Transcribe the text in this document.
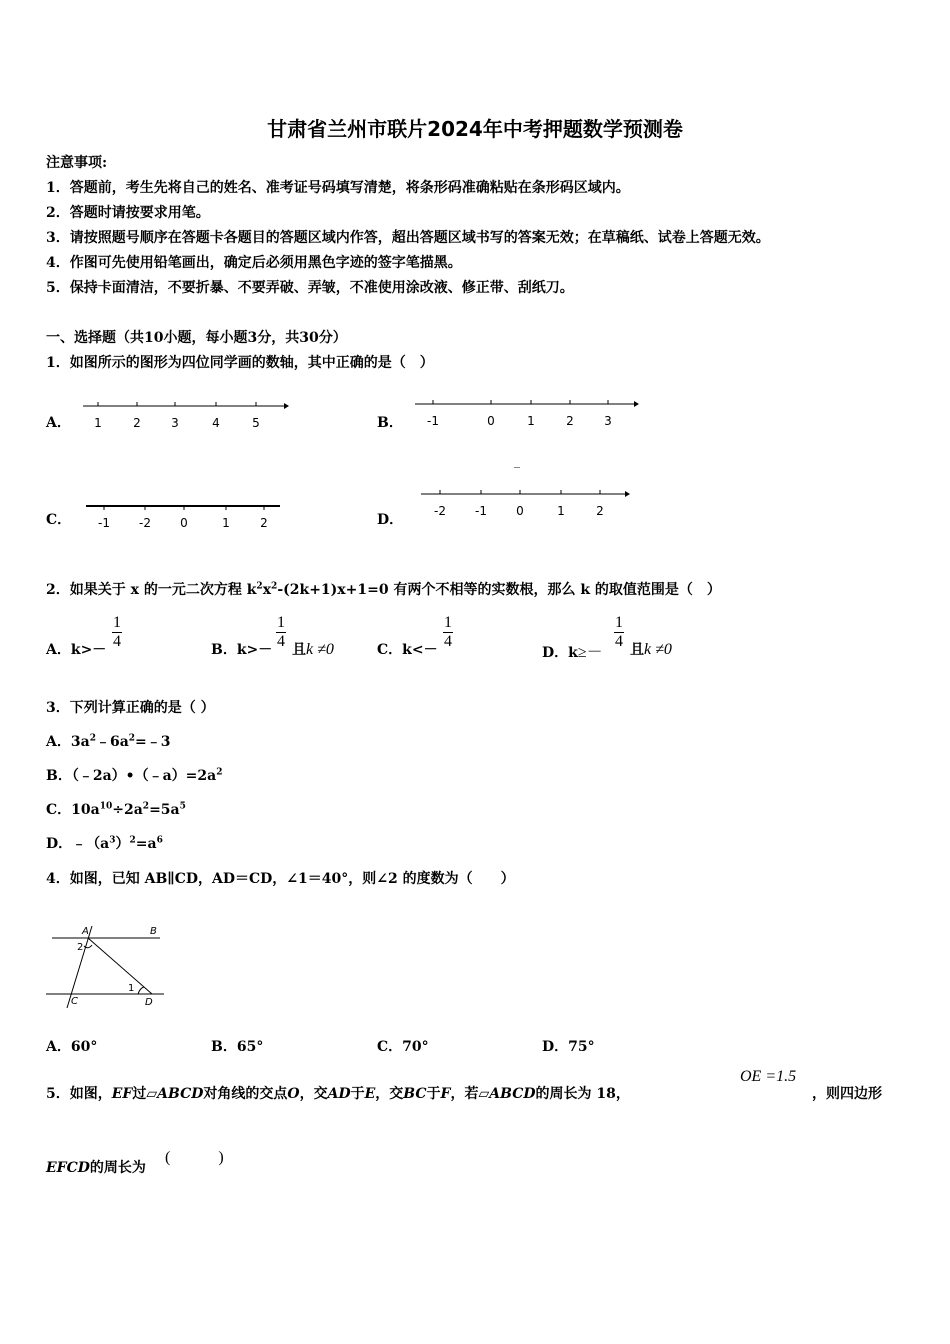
甘肃省兰州市联片2024年中考押题数学预测卷
注意事项:
1．答题前，考生先将自己的姓名、准考证号码填写清楚，将条形码准确粘贴在条形码区域内。
2．答题时请按要求用笔。
3．请按照题号顺序在答题卡各题目的答题区域内作答，超出答题区域书写的答案无效；在草稿纸、试卷上答题无效。
4．作图可先使用铅笔画出，确定后必须用黑色字迹的签字笔描黑。
5．保持卡面清洁，不要折暴、不要弄破、弄皱，不准使用涂改液、修正带、刮纸刀。
一、选择题（共10小题，每小题3分，共30分）
1．如图所示的图形为四位同学画的数轴，其中正确的是（　）
A．	B．
C．	D．
1	2	3	4	5	-1	0	1	2	3
_
-1 -2 0	1	2
-2 -1 0	1	2
2．如果关于 x 的一元二次方程 $k^2x^2-(2k+1)x+1=0$ 有两个不相等的实数根，那么 k 的取值范围是（　）
A．$k>- \frac{1}{4}$	B．$k>- \frac{1}{4}$ 且k ≠0	C．$k<- \frac{1}{4}$
D．k≥－
$\frac{1}{4}$ 且k ≠0
3．下列计算正确的是（ ）
A．$3a^2﹣6a^2=﹣3$
B．$(﹣2a)•(﹣a)=2a^2$
C．$10a^{10}\div 2a^2=5a^5$
D．$﹣(a^3)^2=a^6$
4．如图，已知 AB∥CD，AD＝CD，∠1＝40°，则∠2 的度数为（　　）
A	B
C	D
1
2
A．60°	B．65°	C．70°	D．75°
5．如图，EF过▱ABCD对角线的交点O，交AD于E，交BC于F，若▱ABCD的周长为 18，
OE =1.5
，则四边形
EFCD的周长为
(　　　)
